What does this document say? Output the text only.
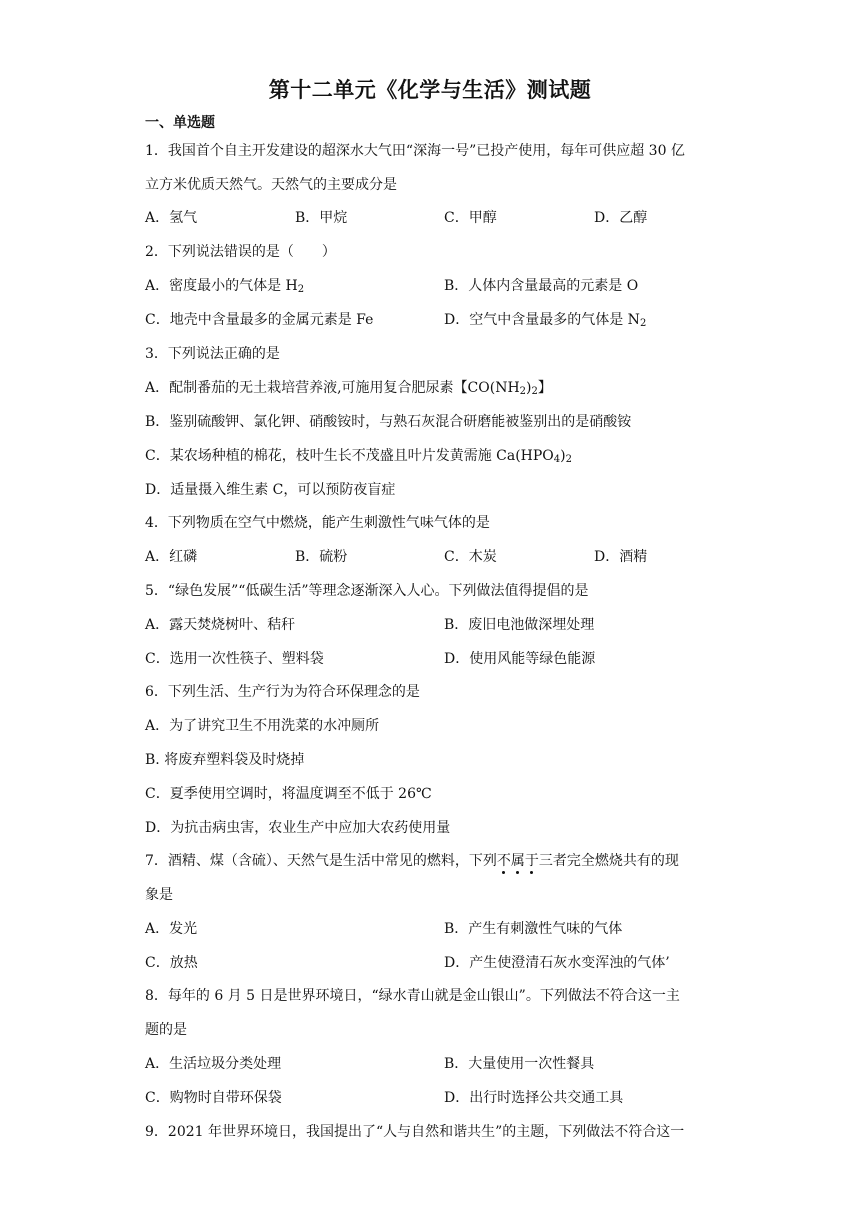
第十二单元《化学与生活》测试题
一、单选题
1．我国首个自主开发建设的超深水大气田“深海一号”已投产使用，每年可供应超 30 亿
立方米优质天然气。天然气的主要成分是
A．氢气	B．甲烷	C．甲醇	D．乙醇
2．下列说法错误的是（　　）
A．密度最小的气体是 $H_2$	B．人体内含量最高的元素是 O
C．地壳中含量最多的金属元素是 Fe	D．空气中含量最多的气体是 $N_2$
3．下列说法正确的是
A．配制番茄的无土栽培营养液,可施用复合肥尿素【$CO(NH_2)_2$】
B．鉴别硫酸钾、氯化钾、硝酸铵时，与熟石灰混合研磨能被鉴别出的是硝酸铵
C．某农场种植的棉花，枝叶生长不茂盛且叶片发黄需施 $Ca(HPO_4)_2$
D．适量摄入维生素 C，可以预防夜盲症
4．下列物质在空气中燃烧，能产生刺激性气味气体的是
A．红磷	B．硫粉	C．木炭	D．酒精
5．“绿色发展”“低碳生活”等理念逐渐深入人心。下列做法值得提倡的是
A．露天焚烧树叶、秸秆	B．废旧电池做深埋处理
C．选用一次性筷子、塑料袋	D．使用风能等绿色能源
6．下列生活、生产行为为符合环保理念的是
A．为了讲究卫生不用洗菜的水冲厕所
B. 将废弃塑料袋及时烧掉
C．夏季使用空调时，将温度调至不低于 26℃
D．为抗击病虫害，农业生产中应加大农药使用量
7．酒精、煤（含硫）、天然气是生活中常见的燃料，下列不属于三者完全燃烧共有的现
象是
A．发光	B．产生有刺激性气味的气体
C．放热	D．产生使澄清石灰水变浑浊的气体’
8．每年的 6 月 5 日是世界环境日，“绿水青山就是金山银山”。下列做法不符合这一主
题的是
A．生活垃圾分类处理	B．大量使用一次性餐具
C．购物时自带环保袋	D．出行时选择公共交通工具
9．2021 年世界环境日，我国提出了“人与自然和谐共生”的主题，下列做法不符合这一
